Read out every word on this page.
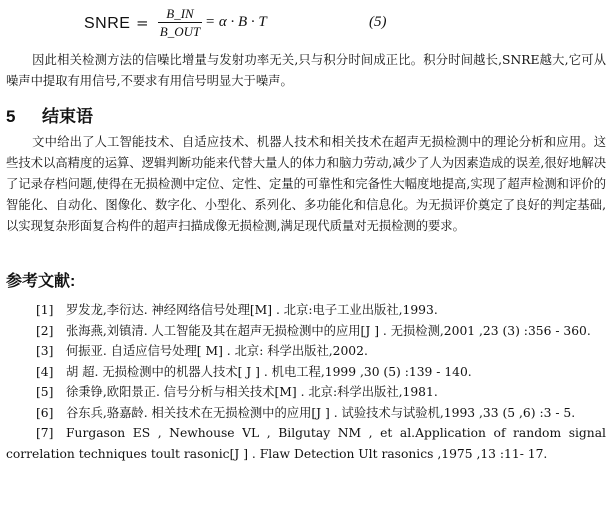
SNRE =
B_IN
B_OUT
= α · B · T	(5)
因此相关检测方法的信噪比增量与发射功率无关,只与积分时间成正比。积分时间越长,SNRE越大,它可从噪声中提取有用信号,不要求有用信号明显大于噪声。
5 结束语
文中给出了人工智能技术、自适应技术、机器人技术和相关技术在超声无损检测中的理论分析和应用。这些技术以高精度的运算、逻辑判断功能来代替大量人的体力和脑力劳动,减少了人为因素造成的误差,很好地解决了记录存档问题,使得在无损检测中定位、定性、定量的可靠性和完备性大幅度地提高,实现了超声检测和评价的智能化、自动化、图像化、数字化、小型化、系列化、多功能化和信息化。为无损评价奠定了良好的判定基础,以实现复杂形面复合构件的超声扫描成像无损检测,满足现代质量对无损检测的要求。
参考文献:
[1] 罗发龙,李衍达. 神经网络信号处理[M] . 北京:电子工业出版社,1993.
[2] 张海燕,刘镇清. 人工智能及其在超声无损检测中的应用[J ] . 无损检测,2001 ,23 (3) :356 - 360.
[3] 何振亚. 自适应信号处理[ M] . 北京: 科学出版社,2002.
[4] 胡 超. 无损检测中的机器人技术[ J ] . 机电工程,1999 ,30 (5) :139 - 140.
[5] 徐秉铮,欧阳景正. 信号分析与相关技术[M] . 北京:科学出版社,1981.
[6] 谷东兵,骆嘉龄. 相关技术在无损检测中的应用[J ] . 试验技术与试验机,1993 ,33 (5 ,6) :3 - 5.
[7] Furgason ES , Newhouse VL , Bilgutay NM , et al.Application of random signal correlation techniques toult rasonic[J ] . Flaw Detection Ult rasonics ,1975 ,13 :11- 17.
